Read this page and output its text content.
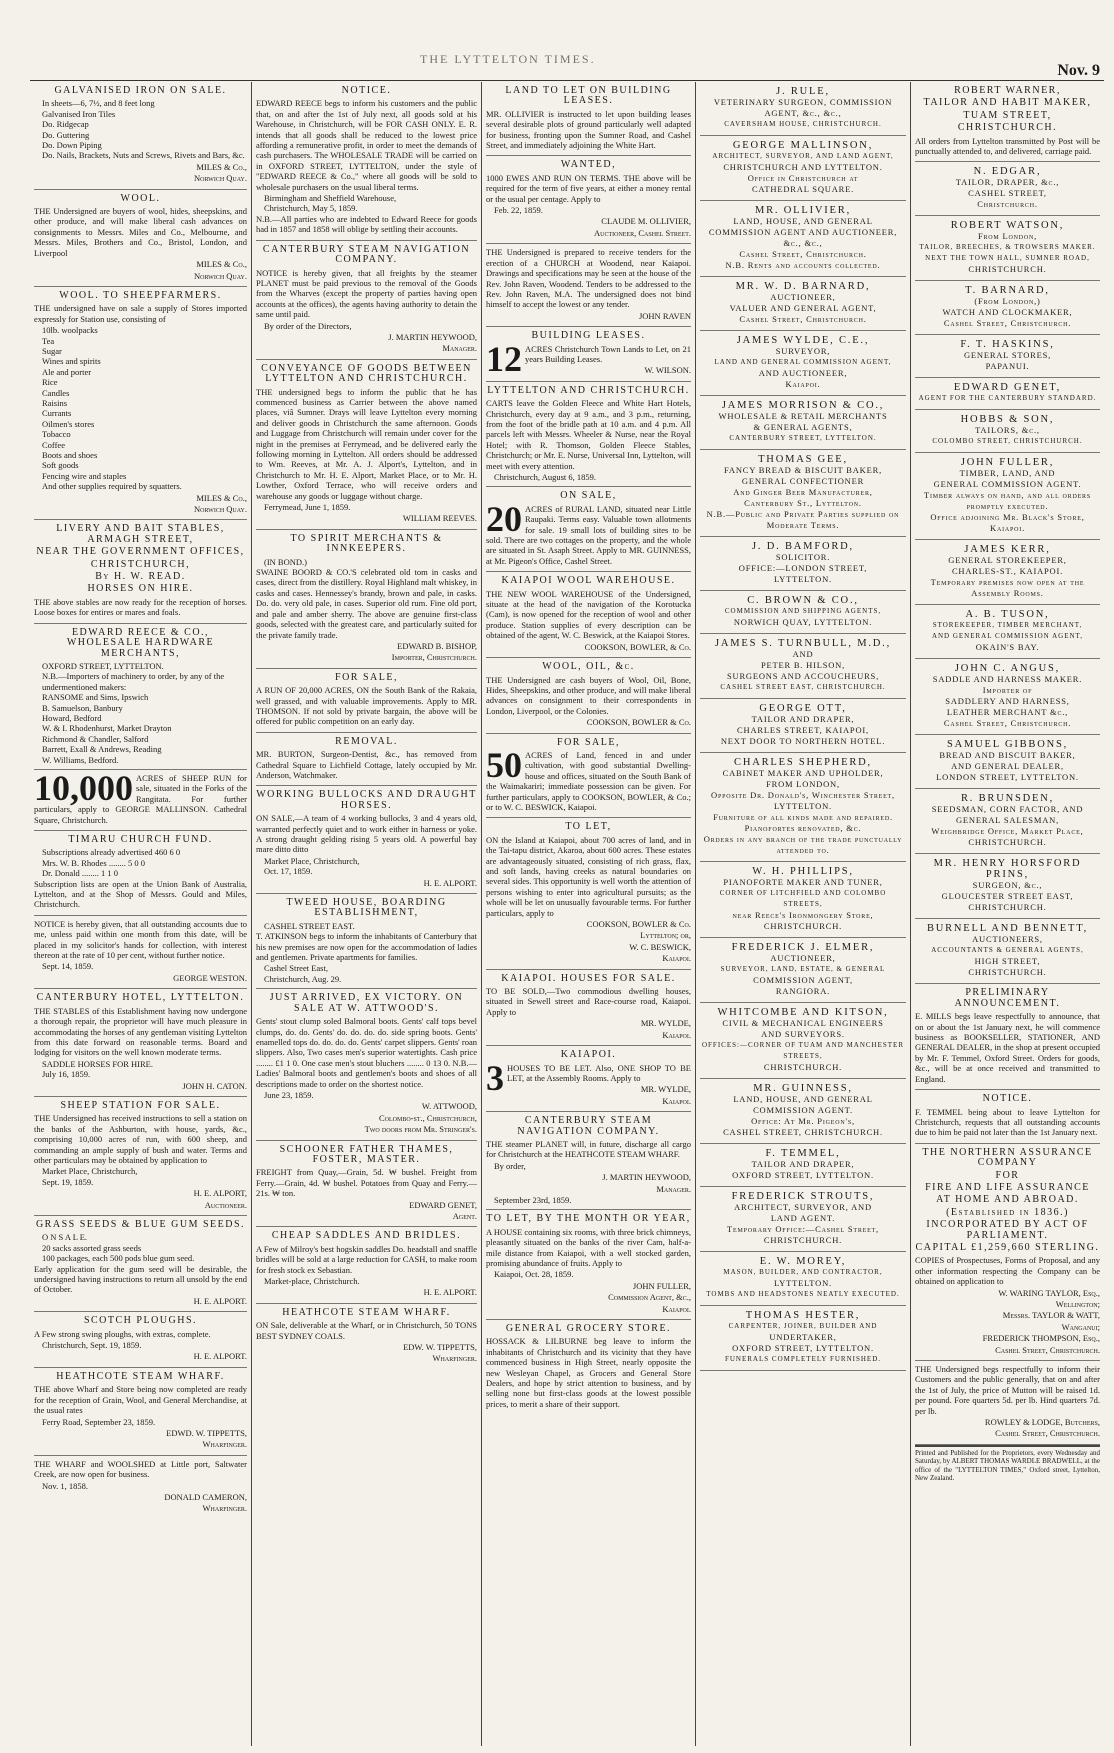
THE LYTTELTON TIMES.
Nov. 9
GALVANISED IRON ON SALE.
In sheets—6, 7½, and 8 feet long
Galvanised Iron Tiles
Do. Ridgecap
Do. Guttering
Do. Down Piping
Do. Nails, Brackets, Nuts and Screws, Rivets and Bars, &c.
MILES & Co.,
Norwich Quay.
WOOL.
THE Undersigned are buyers of wool, hides, sheepskins, and other produce, and will make liberal cash advances on consignments to Messrs. Miles and Co., Melbourne, and Messrs. Miles, Brothers and Co., Bristol, London, and Liverpool
MILES & Co.,
Norwich Quay.
WOOL. TO SHEEPFARMERS.
THE undersigned have on sale a supply of Stores imported expressly for Station use, consisting of
10lb. woolpacks
Tea
Sugar
Wines and spirits
Ale and porter
Rice
Candles
Raisins
Currants
Oilmen's stores
Tobacco
Coffee
Boots and shoes
Soft goods
Fencing wire and staples
And other supplies required by squatters.
MILES & Co.,
Norwich Quay.
LIVERY AND BAIT STABLES, ARMAGH STREET,
NEAR THE GOVERNMENT OFFICES,
CHRISTCHURCH,
By H. W. READ.
HORSES ON HIRE.
THE above stables are now ready for the reception of horses. Loose boxes for entires or mares and foals.
EDWARD REECE & CO., WHOLESALE HARDWARE MERCHANTS,
OXFORD STREET, LYTTELTON.
N.B.—Importers of machinery to order, by any of the undermentioned makers:
RANSOME and Sims, Ipswich
B. Samuelson, Banbury
Howard, Bedford
W. & I. Rhodenhurst, Market Drayton
Richmond & Chandler, Salford
Barrett, Exall & Andrews, Reading
W. Williams, Bedford.
10,000 ACRES of SHEEP RUN for sale, situated in the Forks of the Rangitata. For further particulars, apply to GEORGE MALLINSON. Cathedral Square, Christchurch.
TIMARU CHURCH FUND.
Subscriptions already advertised 460 6 0
Mrs. W. B. Rhodes ........ 5 0 0
Dr. Donald ........ 1 1 0
Subscription lists are open at the Union Bank of Australia, Lyttelton, and at the Shop of Messrs. Gould and Miles, Christchurch.
NOTICE is hereby given, that all outstanding accounts due to me, unless paid within one month from this date, will be placed in my solicitor's hands for collection, with interest thereon at the rate of 10 per cent, without further notice.
Sept. 14, 1859.
GEORGE WESTON.
CANTERBURY HOTEL, LYTTELTON.
THE STABLES of this Establishment having now undergone a thorough repair, the proprietor will have much pleasure in accommodating the horses of any gentleman visiting Lyttelton from this date forward on reasonable terms. Board and lodging for visitors on the well known moderate terms.
SADDLE HORSES FOR HIRE.
July 16, 1859.
JOHN H. CATON.
SHEEP STATION FOR SALE.
THE Undersigned has received instructions to sell a station on the banks of the Ashburton, with house, yards, &c., comprising 10,000 acres of run, with 600 sheep, and commanding an ample supply of bush and water. Terms and other particulars may be obtained by application to
Market Place, Christchurch,
Sept. 19, 1859.
H. E. ALPORT,
Auctioneer.
GRASS SEEDS & BLUE GUM SEEDS.
O N S A L E.
20 sacks assorted grass seeds
100 packages, each 500 pods blue gum seed.
Early application for the gum seed will be desirable, the undersigned having instructions to return all unsold by the end of October.
H. E. ALPORT.
SCOTCH PLOUGHS.
A Few strong swing ploughs, with extras, complete.
Christchurch, Sept. 19, 1859.
H. E. ALPORT.
HEATHCOTE STEAM WHARF.
THE above Wharf and Store being now completed are ready for the reception of Grain, Wool, and General Merchandise, at the usual rates
Ferry Road, September 23, 1859.
EDWD. W. TIPPETTS,
Wharfinger.
THE WHARF and WOOLSHED at Little port, Saltwater Creek, are now open for business.
Nov. 1, 1858.
DONALD CAMERON,
Wharfinger.
NOTICE.
EDWARD REECE begs to inform his customers and the public that, on and after the 1st of July next, all goods sold at his Warehouse, in Christchurch, will be FOR CASH ONLY. E. R. intends that all goods shall be reduced to the lowest price affording a remunerative profit, in order to meet the demands of cash purchasers. The WHOLESALE TRADE will be carried on in OXFORD STREET, LYTTELTON, under the style of "EDWARD REECE & Co.," where all goods will be sold to wholesale purchasers on the usual liberal terms.
Birmingham and Sheffield Warehouse,
Christchurch, May 5, 1859.
N.B.—All parties who are indebted to Edward Reece for goods had in 1857 and 1858 will oblige by settling their accounts.
CANTERBURY STEAM NAVIGATION COMPANY.
NOTICE is hereby given, that all freights by the steamer PLANET must be paid previous to the removal of the Goods from the Wharves (except the property of parties having open accounts at the offices), the agents having authority to detain the same until paid.
By order of the Directors,
J. MARTIN HEYWOOD,
Manager.
CONVEYANCE OF GOODS BETWEEN LYTTELTON AND CHRISTCHURCH.
THE undersigned begs to inform the public that he has commenced business as Carrier between the above named places, viâ Sumner. Drays will leave Lyttelton every morning and deliver goods in Christchurch the same afternoon. Goods and Luggage from Christchurch will remain under cover for the night in the premises at Ferrymead, and be delivered early the following morning in Lyttelton. All orders should be addressed to Wm. Reeves, at Mr. A. J. Alport's, Lyttelton, and in Christchurch to Mr. H. E. Alport, Market Place, or to Mr. H. Lowther, Oxford Terrace, who will receive orders and warehouse any goods or luggage without charge.
Ferrymead, June 1, 1859.
WILLIAM REEVES.
TO SPIRIT MERCHANTS & INNKEEPERS.
(IN BOND.)
SWAINE BOORD & CO.'S celebrated old tom in casks and cases, direct from the distillery. Royal Highland malt whiskey, in casks and cases. Hennessey's brandy, brown and pale, in casks. Do. do. very old pale, in cases. Superior old rum. Fine old port, and pale and amber sherry. The above are genuine first-class goods, selected with the greatest care, and particularly suited for the private family trade.
EDWARD B. BISHOP,
Importer, Christchurch.
FOR SALE,
A RUN OF 20,000 ACRES, ON the South Bank of the Rakaia, well grassed, and with valuable improvements. Apply to MR. THOMSON. If not sold by private bargain, the above will be offered for public competition on an early day.
REMOVAL.
MR. BURTON, Surgeon-Dentist, &c., has removed from Cathedral Square to Lichfield Cottage, lately occupied by Mr. Anderson, Watchmaker.
WORKING BULLOCKS AND DRAUGHT HORSES.
ON SALE,—A team of 4 working bullocks, 3 and 4 years old, warranted perfectly quiet and to work either in harness or yoke. A strong draught gelding rising 5 years old. A powerful bay mare ditto ditto
Market Place, Christchurch,
Oct. 17, 1859.
H. E. ALPORT.
TWEED HOUSE, BOARDING ESTABLISHMENT,
CASHEL STREET EAST.
T. ATKINSON begs to inform the inhabitants of Canterbury that his new premises are now open for the accommodation of ladies and gentlemen. Private apartments for families.
Cashel Street East,
Christchurch, Aug. 29.
JUST ARRIVED, EX VICTORY. ON SALE AT W. ATTWOOD'S.
Gents' stout clump soled Balmoral boots. Gents' calf tops bevel clumps, do. do. Gents' do. do. do. do. side spring boots. Gents' enamelled tops do. do. do. do. Gents' carpet slippers. Gents' roan slippers. Also, Two cases men's superior watertights. Cash price ........ £1 1 0. One case men's stout bluchers ........ 0 13 0. N.B.—Ladies' Balmoral boots and gentlemen's boots and shoes of all descriptions made to order on the shortest notice.
June 23, 1859.
W. ATTWOOD,
Colombo-st., Christchurch,
Two doors from Mr. Stringer's.
SCHOONER FATHER THAMES, FOSTER, MASTER.
FREIGHT from Quay,—Grain, 5d. ₩ bushel. Freight from Ferry.—Grain, 4d. ₩ bushel. Potatoes from Quay and Ferry.—21s. ₩ ton.
EDWARD GENET,
Agent.
CHEAP SADDLES AND BRIDLES.
A Few of Milroy's best hogskin saddles Do. headstall and snaffle bridles will be sold at a large reduction for CASH, to make room for fresh stock ex Sebastian.
Market-place, Christchurch.
H. E. ALPORT.
HEATHCOTE STEAM WHARF.
ON Sale, deliverable at the Wharf, or in Christchurch, 50 TONS BEST SYDNEY COALS.
EDW. W. TIPPETTS,
Wharfinger.
LAND TO LET ON BUILDING LEASES.
MR. OLLIVIER is instructed to let upon building leases several desirable plots of ground particularly well adapted for business, fronting upon the Sumner Road, and Cashel Street, and immediately adjoining the White Hart.
WANTED,
1000 EWES AND RUN ON TERMS. THE above will be required for the term of five years, at either a money rental or the usual per centage. Apply to
Feb. 22, 1859.
CLAUDE M. OLLIVIER,
Auctioneer, Cashel Street.
THE Undersigned is prepared to receive tenders for the erection of a CHURCH at Woodend, near Kaiapoi. Drawings and specifications may be seen at the house of the Rev. John Raven, Woodend. Tenders to be addressed to the Rev. John Raven, M.A. The undersigned does not bind himself to accept the lowest or any tender.
JOHN RAVEN
BUILDING LEASES.
12 ACRES Christchurch Town Lands to Let, on 21 years Building Leases.
W. WILSON.
LYTTELTON AND CHRISTCHURCH.
CARTS leave the Golden Fleece and White Hart Hotels, Christchurch, every day at 9 a.m., and 3 p.m., returning, from the foot of the bridle path at 10 a.m. and 4 p.m. All parcels left with Messrs. Wheeler & Nurse, near the Royal Hotel; with R. Thomson, Golden Fleece Stables, Christchurch; or Mr. E. Nurse, Universal Inn, Lyttelton, will meet with every attention.
Christchurch, August 6, 1859.
ON SALE,
20 ACRES of RURAL LAND, situated near Little Raupaki. Terms easy. Valuable town allotments for sale. 19 small lots of building sites to be sold. There are two cottages on the property, and the whole are situated in St. Asaph Street. Apply to MR. GUINNESS, at Mr. Pigeon's Office, Cashel Street.
KAIAPOI WOOL WAREHOUSE.
THE NEW WOOL WAREHOUSE of the Undersigned, situate at the head of the navigation of the Korotucka (Cam), is now opened for the reception of wool and other produce. Station supplies of every description can be obtained of the agent, W. C. Beswick, at the Kaiapoi Stores.
COOKSON, BOWLER, & Co.
WOOL, OIL, &c.
THE Undersigned are cash buyers of Wool, Oil, Bone, Hides, Sheepskins, and other produce, and will make liberal advances on consignment to their correspondents in London, Liverpool, or the Colonies.
COOKSON, BOWLER & Co.
FOR SALE,
50 ACRES of Land, fenced in and under cultivation, with good substantial Dwelling-house and offices, situated on the South Bank of the Waimakariri; immediate possession can be given. For further particulars, apply to COOKSON, BOWLER, & Co.; or to W. C. BESWICK, Kaiapoi.
TO LET,
ON the Island at Kaiapoi, about 700 acres of land, and in the Tai-tapu district, Akaroa, about 600 acres. These estates are advantageously situated, consisting of rich grass, flax, and soft lands, having creeks as natural boundaries on several sides. This opportunity is well worth the attention of persons wishing to enter into agricultural pursuits; as the whole will be let on unusually favourable terms. For further particulars, apply to
COOKSON, BOWLER & Co.
Lyttelton; or,
W. C. BESWICK,
Kaiapoi.
KAIAPOI. HOUSES FOR SALE.
TO BE SOLD,—Two commodious dwelling houses, situated in Sewell street and Race-course road, Kaiapoi. Apply to
MR. WYLDE,
Kaiapoi.
KAIAPOI.
3 HOUSES TO BE LET. Also, ONE SHOP TO BE LET, at the Assembly Rooms. Apply to
MR. WYLDE,
Kaiapoi.
CANTERBURY STEAM NAVIGATION COMPANY.
THE steamer PLANET will, in future, discharge all cargo for Christchurch at the HEATHCOTE STEAM WHARF.
By order,
J. MARTIN HEYWOOD,
Manager.
September 23rd, 1859.
TO LET, BY THE MONTH OR YEAR,
A HOUSE containing six rooms, with three brick chimneys, pleasantly situated on the banks of the river Cam, half-a-mile distance from Kaiapoi, with a well stocked garden, promising abundance of fruits. Apply to
Kaiapoi, Oct. 28, 1859.
JOHN FULLER,
Commission Agent, &c.,
Kaiapoi.
GENERAL GROCERY STORE.
HOSSACK & LILBURNE beg leave to inform the inhabitants of Christchurch and its vicinity that they have commenced business in High Street, nearly opposite the new Wesleyan Chapel, as Grocers and General Store Dealers, and hope by strict attention to business, and by selling none but first-class goods at the lowest possible prices, to merit a share of their support.
J. RULE,
VETERINARY SURGEON, COMMISSION AGENT, &c., &c.,
CAVERSHAM HOUSE, CHRISTCHURCH.
GEORGE MALLINSON,
ARCHITECT, SURVEYOR, AND LAND AGENT,
CHRISTCHURCH AND LYTTELTON.
Office in Christchurch at
CATHEDRAL SQUARE.
MR. OLLIVIER,
LAND, HOUSE, AND GENERAL
COMMISSION AGENT AND AUCTIONEER, &c., &c.,
Cashel Street, Christchurch.
N.B. Rents and accounts collected.
MR. W. D. BARNARD,
AUCTIONEER,
VALUER AND GENERAL AGENT,
Cashel Street, Christchurch.
JAMES WYLDE, C.E.,
SURVEYOR,
LAND AND GENERAL COMMISSION AGENT,
AND AUCTIONEER,
Kaiapoi.
JAMES MORRISON & CO.,
WHOLESALE & RETAIL MERCHANTS
& GENERAL AGENTS,
CANTERBURY STREET, LYTTELTON.
THOMAS GEE,
FANCY BREAD & BISCUIT BAKER,
GENERAL CONFECTIONER
And Ginger Beer Manufacturer,
Canterbury St., Lyttelton.
N.B.—Public and Private Parties supplied on Moderate Terms.
J. D. BAMFORD,
SOLICITOR.
OFFICE:—LONDON STREET,
LYTTELTON.
C. BROWN & CO.,
COMMISSION AND SHIPPING AGENTS,
NORWICH QUAY, LYTTELTON.
JAMES S. TURNBULL, M.D.,
AND
PETER B. HILSON,
SURGEONS AND ACCOUCHEURS,
CASHEL STREET EAST, CHRISTCHURCH.
GEORGE OTT,
TAILOR AND DRAPER,
CHARLES STREET, KAIAPOI,
NEXT DOOR TO NORTHERN HOTEL.
CHARLES SHEPHERD,
CABINET MAKER AND UPHOLDER,
FROM LONDON,
Opposite Dr. Donald's, Winchester Street,
LYTTELTON.
Furniture of all kinds made and repaired.
Pianofortes renovated, &c.
Orders in any branch of the trade punctually attended to.
W. H. PHILLIPS,
PIANOFORTE MAKER AND TUNER,
CORNER OF LITCHFIELD AND COLOMBO STREETS,
near Reece's Ironmongery Store,
CHRISTCHURCH.
FREDERICK J. ELMER,
AUCTIONEER,
SURVEYOR, LAND, ESTATE, & GENERAL
COMMISSION AGENT,
RANGIORA.
WHITCOMBE AND KITSON,
CIVIL & MECHANICAL ENGINEERS
AND SURVEYORS.
OFFICES:—CORNER OF TUAM AND MANCHESTER STREETS,
CHRISTCHURCH.
MR. GUINNESS,
LAND, HOUSE, AND GENERAL
COMMISSION AGENT.
Office: At Mr. Pigeon's,
CASHEL STREET, CHRISTCHURCH.
F. TEMMEL,
TAILOR AND DRAPER,
OXFORD STREET, LYTTELTON.
FREDERICK STROUTS,
ARCHITECT, SURVEYOR, AND
LAND AGENT.
Temporary Office:—Cashel Street,
CHRISTCHURCH.
E. W. MOREY,
MASON, BUILDER, AND CONTRACTOR,
LYTTELTON.
TOMBS AND HEADSTONES NEATLY EXECUTED.
THOMAS HESTER,
CARPENTER, JOINER, BUILDER AND
UNDERTAKER,
OXFORD STREET, LYTTELTON.
FUNERALS COMPLETELY FURNISHED.
ROBERT WARNER,
TAILOR AND HABIT MAKER,
TUAM STREET,
CHRISTCHURCH.
All orders from Lyttelton transmitted by Post will be punctually attended to, and delivered, carriage paid.
N. EDGAR,
TAILOR, DRAPER, &c.,
CASHEL STREET,
Christchurch.
ROBERT WATSON,
From London,
TAILOR, BREECHES, & TROWSERS MAKER.
NEXT THE TOWN HALL, SUMNER ROAD,
CHRISTCHURCH.
T. BARNARD,
(From London,)
WATCH AND CLOCKMAKER,
Cashel Street, Christchurch.
F. T. HASKINS,
GENERAL STORES,
PAPANUI.
EDWARD GENET,
AGENT FOR THE CANTERBURY STANDARD.
HOBBS & SON,
TAILORS, &c.,
COLOMBO STREET, CHRISTCHURCH.
JOHN FULLER,
TIMBER, LAND, AND
GENERAL COMMISSION AGENT.
Timber always on hand, and all orders promptly executed.
Office adjoining Mr. Black's Store, Kaiapoi.
JAMES KERR,
GENERAL STOREKEEPER,
CHARLES-ST., KAIAPOI.
Temporary premises now open at the Assembly Rooms.
A. B. TUSON,
STOREKEEPER, TIMBER MERCHANT,
AND GENERAL COMMISSION AGENT,
OKAIN'S BAY.
JOHN C. ANGUS,
SADDLE AND HARNESS MAKER.
Importer of
SADDLERY AND HARNESS,
LEATHER MERCHANT &c.,
Cashel Street, Christchurch.
SAMUEL GIBBONS,
BREAD AND BISCUIT BAKER,
AND GENERAL DEALER,
LONDON STREET, LYTTELTON.
R. BRUNSDEN,
SEEDSMAN, CORN FACTOR, AND
GENERAL SALESMAN,
Weighbridge Office, Market Place,
CHRISTCHURCH.
MR. HENRY HORSFORD PRINS,
SURGEON, &c.,
GLOUCESTER STREET EAST,
CHRISTCHURCH.
BURNELL AND BENNETT,
AUCTIONEERS,
ACCOUNTANTS & GENERAL AGENTS,
HIGH STREET,
CHRISTCHURCH.
PRELIMINARY ANNOUNCEMENT.
E. MILLS begs leave respectfully to announce, that on or about the 1st January next, he will commence business as BOOKSELLER, STATIONER, AND GENERAL DEALER, in the shop at present occupied by Mr. F. Temmel, Oxford Street. Orders for goods, &c., will be at once received and transmitted to England.
NOTICE.
F. TEMMEL being about to leave Lyttelton for Christchurch, requests that all outstanding accounts due to him be paid not later than the 1st January next.
THE NORTHERN ASSURANCE COMPANY
FOR
FIRE AND LIFE ASSURANCE
AT HOME AND ABROAD.
(Established in 1836.)
INCORPORATED BY ACT OF PARLIAMENT.
CAPITAL £1,259,660 STERLING.
COPIES of Prospectuses, Forms of Proposal, and any other information respecting the Company can be obtained on application to
W. WARING TAYLOR, Esq.,
Wellington;
Messrs. TAYLOR & WATT,
Wanganui;
FREDERICK THOMPSON, Esq.,
Cashel Street, Christchurch.
THE Undersigned begs respectfully to inform their Customers and the public generally, that on and after the 1st of July, the price of Mutton will be raised 1d. per pound. Fore quarters 5d. per lb. Hind quarters 7d. per lb.
ROWLEY & LODGE, Butchers,
Cashel Street, Christchurch.
Printed and Published for the Proprietors, every Wednesday and Saturday, by ALBERT THOMAS WARDLE BRADWELL, at the office of the "LYTTELTON TIMES," Oxford street, Lyttelton, New Zealand.
